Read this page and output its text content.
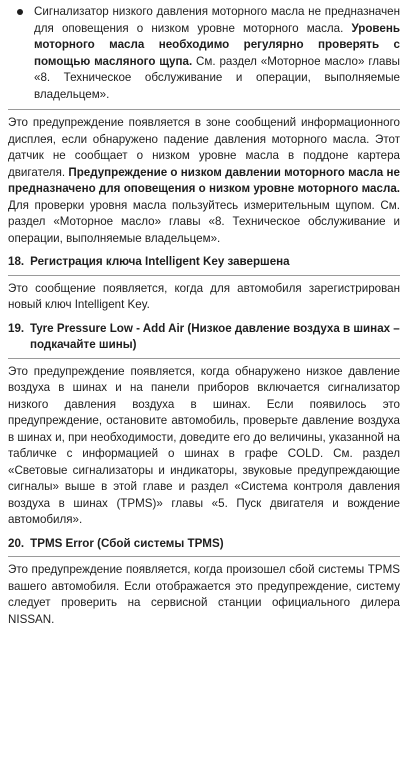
Сигнализатор низкого давления моторного масла не предназначен для оповещения о низком уровне моторного масла. Уровень моторного масла необходимо регулярно проверять с помощью масляного щупа. См. раздел «Моторное масло» главы «8. Техническое обслуживание и операции, выполняемые владельцем».

Это предупреждение появляется в зоне сообщений информационного дисплея, если обнаружено падение давления моторного масла. Этот датчик не сообщает о низком уровне масла в поддоне картера двигателя. Предупреждение о низком давлении моторного масла не предназначено для оповещения о низком уровне моторного масла. Для проверки уровня масла пользуйтесь измерительным щупом. См. раздел «Моторное масло» главы «8. Техническое обслуживание и операции, выполняемые владельцем».

18. Регистрация ключа Intelligent Key завершена

Это сообщение появляется, когда для автомобиля зарегистрирован новый ключ Intelligent Key.

19. Tyre Pressure Low - Add Air (Низкое давление воздуха в шинах – подкачайте шины)

Это предупреждение появляется, когда обнаружено низкое давление воздуха в шинах и на панели приборов включается сигнализатор низкого давления воздуха в шинах. Если появилось это предупреждение, остановите автомобиль, проверьте давление воздуха в шинах и, при необходимости, доведите его до величины, указанной на табличке с информацией о шинах в графе COLD. См. раздел «Световые сигнализаторы и индикаторы, звуковые предупреждающие сигналы» выше в этой главе и раздел «Система контроля давления воздуха в шинах (TPMS)» главы «5. Пуск двигателя и вождение автомобиля».

20. TPMS Error (Сбой системы TPMS)

Это предупреждение появляется, когда произошел сбой системы TPMS вашего автомобиля. Если отображается это предупреждение, систему следует проверить на сервисной станции официального дилера NISSAN.
